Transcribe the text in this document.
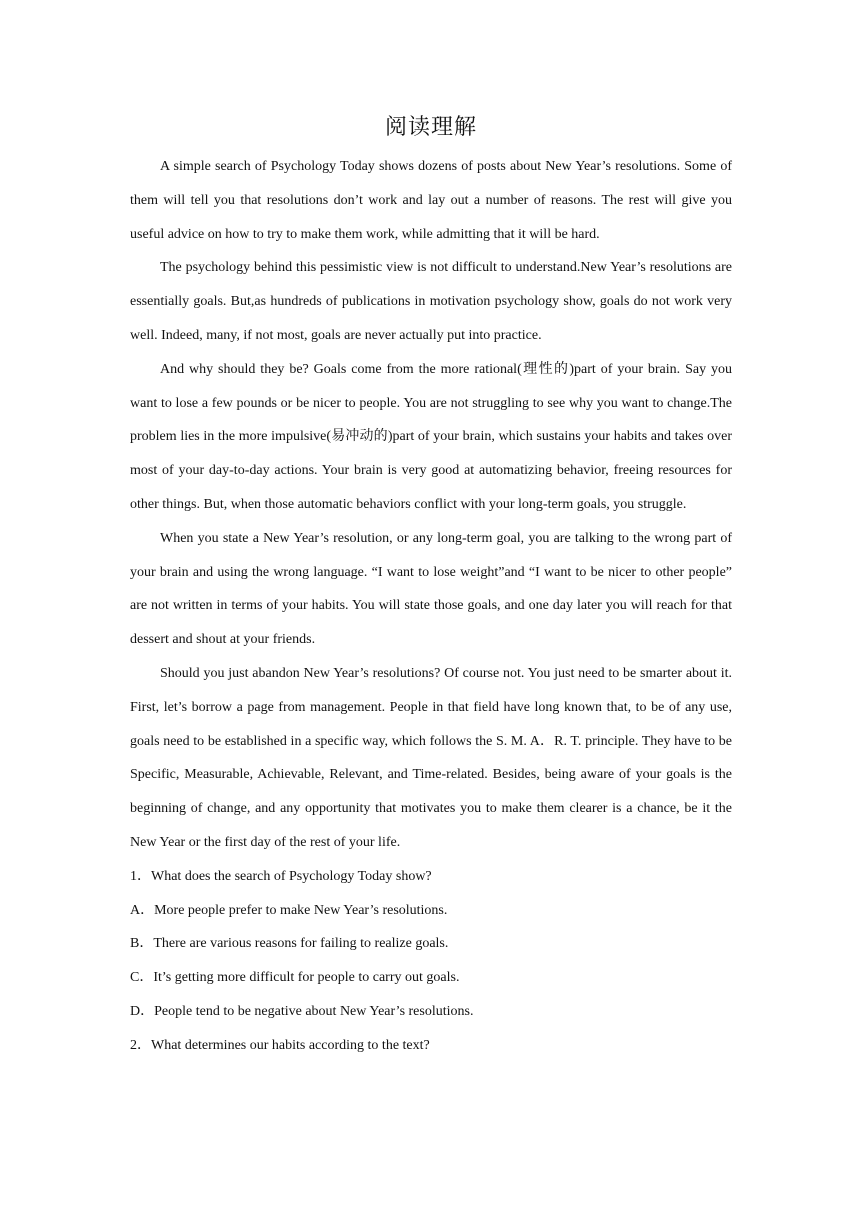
阅读理解

A simple search of Psychology Today shows dozens of posts about New Year’s resolutions. Some of them will tell you that resolutions don’t work and lay out a number of reasons. The rest will give you useful advice on how to try to make them work, while admitting that it will be hard.

The psychology behind this pessimistic view is not difficult to understand.New Year’s resolutions are essentially goals. But,as hundreds of publications in motivation psychology show, goals do not work very well. Indeed, many, if not most, goals are never actually put into practice.

And why should they be? Goals come from the more rational(理性的)part of your brain. Say you want to lose a few pounds or be nicer to people. You are not struggling to see why you want to change.The problem lies in the more impulsive(易冲动的)part of your brain, which sustains your habits and takes over most of your day-to-day actions. Your brain is very good at automatizing behavior, freeing resources for other things. But, when those automatic behaviors conflict with your long-term goals, you struggle.

When you state a New Year’s resolution, or any long-term goal, you are talking to the wrong part of your brain and using the wrong language. “I want to lose weight”and “I want to be nicer to other people” are not written in terms of your habits. You will state those goals, and one day later you will reach for that dessert and shout at your friends.

Should you just abandon New Year’s resolutions? Of course not. You just need to be smarter about it. First, let’s borrow a page from management. People in that field have long known that, to be of any use, goals need to be established in a specific way, which follows the S. M. A．R. T. principle. They have to be Specific, Measurable, Achievable, Relevant, and Time-related. Besides, being aware of your goals is the beginning of change, and any opportunity that motivates you to make them clearer is a chance, be it the New Year or the first day of the rest of your life.

1．What does the search of Psychology Today show?

A．More people prefer to make New Year’s resolutions.

B．There are various reasons for failing to realize goals.

C．It’s getting more difficult for people to carry out goals.

D．People tend to be negative about New Year’s resolutions.

2．What determines our habits according to the text?
